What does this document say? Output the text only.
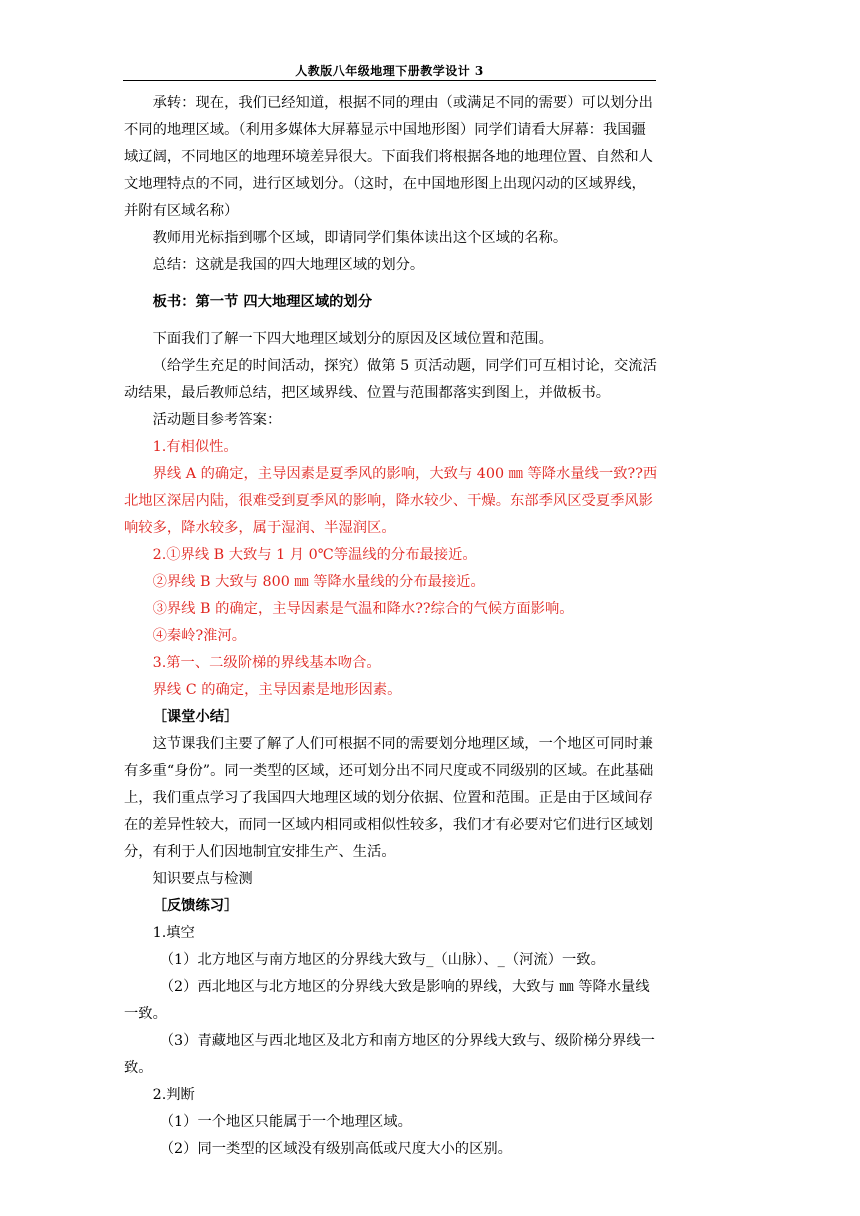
人教版八年级地理下册教学设计 3

承转：现在，我们已经知道，根据不同的理由（或满足不同的需要）可以划分出不同的地理区域。（利用多媒体大屏幕显示中国地形图）同学们请看大屏幕：我国疆域辽阔，不同地区的地理环境差异很大。下面我们将根据各地的地理位置、自然和人文地理特点的不同，进行区域划分。（这时，在中国地形图上出现闪动的区域界线，并附有区域名称）

教师用光标指到哪个区域，即请同学们集体读出这个区域的名称。

总结：这就是我国的四大地理区域的划分。

板书：第一节 四大地理区域的划分

下面我们了解一下四大地理区域划分的原因及区域位置和范围。

（给学生充足的时间活动，探究）做第 5 页活动题，同学们可互相讨论，交流活动结果，最后教师总结，把区域界线、位置与范围都落实到图上，并做板书。

活动题目参考答案：

1.有相似性。

界线 A 的确定，主导因素是夏季风的影响，大致与 400 ㎜ 等降水量线一致??西北地区深居内陆，很难受到夏季风的影响，降水较少、干燥。东部季风区受夏季风影响较多，降水较多，属于湿润、半湿润区。

2.①界线 B 大致与 1 月 0℃等温线的分布最接近。

②界线 B 大致与 800 ㎜ 等降水量线的分布最接近。

③界线 B 的确定，主导因素是气温和降水??综合的气候方面影响。

④秦岭?淮河。

3.第一、二级阶梯的界线基本吻合。

界线 C 的确定，主导因素是地形因素。

［课堂小结］

这节课我们主要了解了人们可根据不同的需要划分地理区域，一个地区可同时兼有多重“身份”。同一类型的区域，还可划分出不同尺度或不同级别的区域。在此基础上，我们重点学习了我国四大地理区域的划分依据、位置和范围。正是由于区域间存在的差异性较大，而同一区域内相同或相似性较多，我们才有必要对它们进行区域划分，有利于人们因地制宜安排生产、生活。

知识要点与检测

［反馈练习］

1.填空

（1）北方地区与南方地区的分界线大致与_（山脉）、_（河流）一致。

（2）西北地区与北方地区的分界线大致是影响的界线，大致与 ㎜ 等降水量线一致。

（3）青藏地区与西北地区及北方和南方地区的分界线大致与、级阶梯分界线一致。

2.判断

（1）一个地区只能属于一个地理区域。

（2）同一类型的区域没有级别高低或尺度大小的区别。
